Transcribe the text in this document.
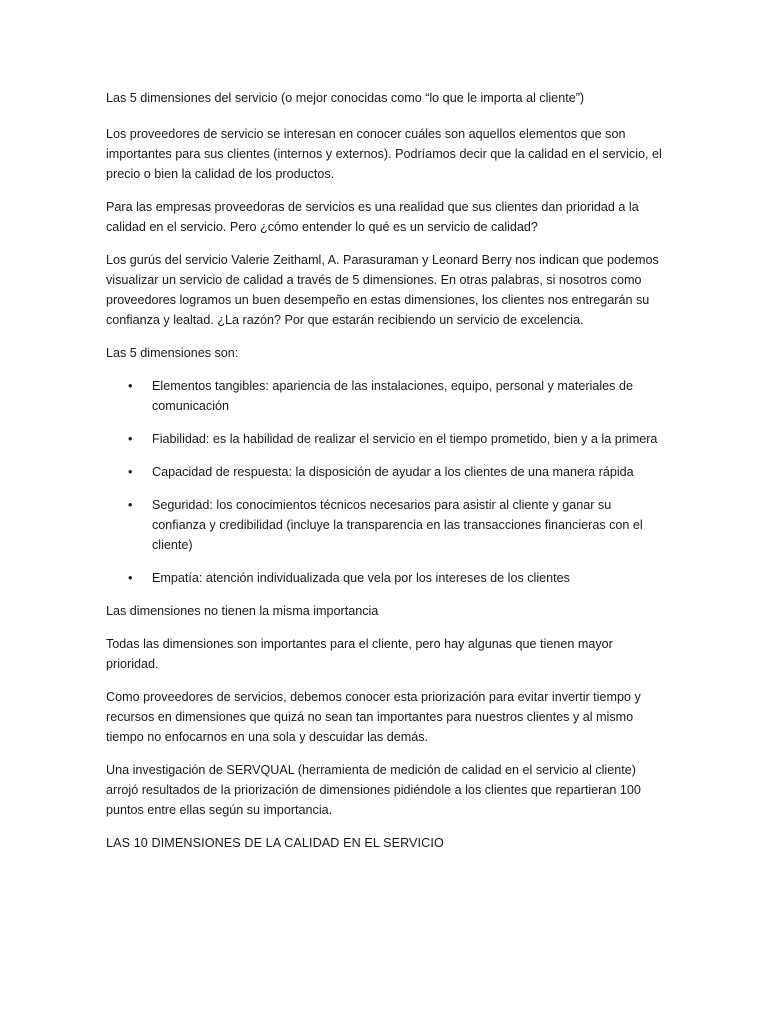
Las 5 dimensiones del servicio (o mejor conocidas como “lo que le importa al cliente”)

Los proveedores de servicio se interesan en conocer cuáles son aquellos elementos que son importantes para sus clientes (internos y externos). Podríamos decir que la calidad en el servicio, el precio o bien la calidad de los productos.

Para las empresas proveedoras de servicios es una realidad que sus clientes dan prioridad a la calidad en el servicio. Pero ¿cómo entender lo qué es un servicio de calidad?

Los gurús del servicio Valerie Zeithaml, A. Parasuraman y Leonard Berry nos indican que podemos visualizar un servicio de calidad a través de 5 dimensiones. En otras palabras, si nosotros como proveedores logramos un buen desempeño en estas dimensiones, los clientes nos entregarán su confianza y lealtad. ¿La razón? Por que estarán recibiendo un servicio de excelencia.

Las 5 dimensiones son:

• Elementos tangibles: apariencia de las instalaciones, equipo, personal y materiales de comunicación
• Fiabilidad: es la habilidad de realizar el servicio en el tiempo prometido, bien y a la primera
• Capacidad de respuesta: la disposición de ayudar a los clientes de una manera rápida
• Seguridad: los conocimientos técnicos necesarios para asistir al cliente y ganar su confianza y credibilidad (incluye la transparencia en las transacciones financieras con el cliente)
• Empatía: atención individualizada que vela por los intereses de los clientes

Las dimensiones no tienen la misma importancia

Todas las dimensiones son importantes para el cliente, pero hay algunas que tienen mayor prioridad.

Como proveedores de servicios, debemos conocer esta priorización para evitar invertir tiempo y recursos en dimensiones que quizá no sean tan importantes para nuestros clientes y al mismo tiempo no enfocarnos en una sola y descuidar las demás.

Una investigación de SERVQUAL (herramienta de medición de calidad en el servicio al cliente) arrojó resultados de la priorización de dimensiones pidiéndole a los clientes que repartieran 100 puntos entre ellas según su importancia.

LAS 10 DIMENSIONES DE LA CALIDAD EN EL SERVICIO
